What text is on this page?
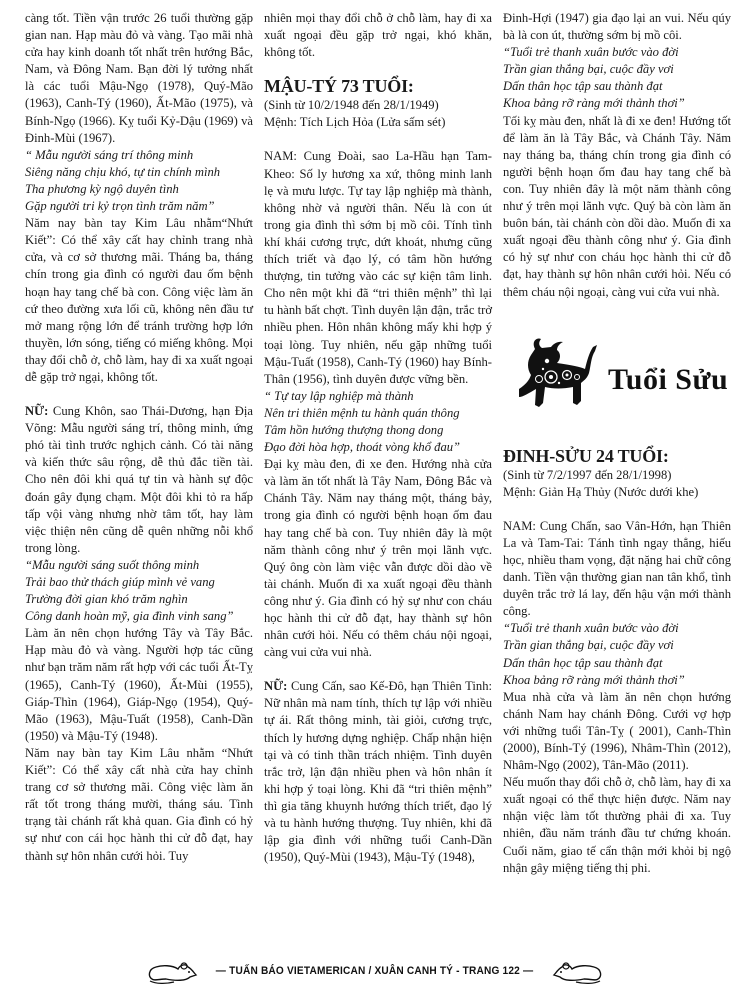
càng tốt. Tiền vận trước 26 tuổi thường gặp gian nan. Hạp màu đỏ và vàng. Tạo mãi nhà cửa hay kinh doanh tốt nhất trên hướng Bắc, Nam, và Đông Nam. Bạn đời lý tưởng nhất là các tuổi Mậu-Ngọ (1978), Quý-Mão (1963), Canh-Tý (1960), Ất-Mão (1975), và Bính-Ngọ (1966). Kỵ tuổi Kỷ-Dậu (1969) và Đinh-Mùi (1967).

“ Mẫu người sáng trí thông minh

Siêng năng chịu khó, tự tin chính mình

Tha phương kỳ ngộ duyên tình

Gặp người tri kỷ trọn tình trăm năm”

Năm nay bàn tay Kim Lâu nhằm“Nhứt Kiết”: Có thể xây cất hay chỉnh trang nhà cửa, và cơ sở thương mãi. Tháng ba, tháng chín trong gia đình có người đau ốm bệnh hoạn hay tang chế bà con. Công việc làm ăn cứ theo đường xưa lối cũ, không nên đầu tư mở mang rộng lớn để tránh trường hợp lớn thuyền, lớn sóng, tiếng có miếng không. Mọi thay đổi chỗ ở, chỗ làm, hay đi xa xuất ngoại dễ gặp trở ngại, không tốt.

NỮ: Cung Khôn, sao Thái-Dương, hạn Địa Võng: Mẫu người sáng trí, thông minh, ứng phó tài tình trước nghịch cảnh. Có tài năng và kiến thức sâu rộng, dễ thủ đắc tiền tài. Cho nên đôi khi quá tự tin và hành sự độc đoán gây đụng chạm. Một đôi khi tỏ ra hấp tấp vội vàng nhưng nhờ tâm tốt, hay làm việc thiện nên cũng dễ quên những nỗi khổ trong lòng.

“Mẫu người sáng suốt thông minh

Trải bao thử thách giúp mình vẻ vang

Trường đời gian khó trăm nghìn

Công danh hoàn mỹ, gia đình vinh sang”

Làm ăn nên chọn hướng Tây và Tây Bắc. Hạp màu đỏ và vàng. Người hợp tác cũng như bạn trăm năm rất hợp với các tuổi Ất-Tỵ (1965), Canh-Tý (1960), Ất-Mùi (1955), Giáp-Thìn (1964), Giáp-Ngọ (1954), Quý-Mão (1963), Mậu-Tuất (1958), Canh-Dần (1950) và Mậu-Tý (1948).

Năm nay bàn tay Kim Lâu nhằm “Nhứt Kiết”: Có thể xây cất nhà cửa hay chỉnh trang cơ sở thương mãi. Công việc làm ăn rất tốt trong tháng mười, tháng sáu. Tình trạng tài chánh rất khả quan. Gia đình có hỷ sự như con cái học hành thi cử đỗ đạt, hay thành sự hôn nhân cưới hỏi. Tuy

nhiên mọi thay đổi chỗ ở chỗ làm, hay đi xa xuất ngoại đều gặp trở ngại, khó khăn, không tốt.

MẬU-TÝ 73 TUỔI:

(Sinh từ 10/2/1948 đến 28/1/1949)

Mệnh: Tích Lịch Hỏa (Lửa sấm sét)

NAM: Cung Đoài, sao La-Hầu hạn Tam-Kheo: Số ly hương xa xứ, thông minh lanh lẹ và mưu lược. Tự tay lập nghiệp mà thành, không nhờ vả người thân. Nếu là con út trong gia đình thì sớm bị mồ côi. Tính tình khí khái cương trực, dứt khoát, nhưng cũng thích triết và đạo lý, có tâm hồn hướng thượng, tin tưởng vào các sự kiện tâm linh. Cho nên một khi đã “tri thiên mệnh” thì lại tu hành bất chợt. Tình duyên lận đận, trắc trở nhiều phen. Hôn nhân không mấy khi hợp ý toại lòng. Tuy nhiên, nếu gặp những tuổi Mậu-Tuất (1958), Canh-Tý (1960) hay Bính-Thân (1956), tình duyên được vững bền.

“ Tự tay lập nghiệp mà thành

Nên tri thiên mệnh tu hành quán thông

Tâm hồn hướng thượng thong dong

Đạo đời hòa hợp, thoát vòng khổ đau”

Đại kỵ màu đen, đi xe đen. Hướng nhà cửa và làm ăn tốt nhất là Tây Nam, Đông Bắc và Chánh Tây. Năm nay tháng một, tháng bảy, trong gia đình có người bệnh hoạn ốm đau hay tang chế bà con. Tuy nhiên đây là một năm thành công như ý trên mọi lãnh vực. Quý ông còn làm việc vẫn được dồi dào về tài chánh. Muốn đi xa xuất ngoại đều thành công như ý. Gia đình có hỷ sự như con cháu học hành thi cử đỗ đạt, hay thành sự hôn nhân cưới hỏi. Nếu có thêm cháu nội ngoại, càng vui cửa vui nhà.

NỮ: Cung Cấn, sao Kế-Đô, hạn Thiên Tinh: Nữ nhân mà nam tính, thích tự lập với nhiều tự ái. Rất thông minh, tài giỏi, cương trực, thích ly hương dựng nghiệp. Chấp nhận hiện tại và có tinh thần trách nhiệm. Tình duyên trắc trở, lận đận nhiều phen và hôn nhân ít khi hợp ý toại lòng. Khi đã “tri thiên mệnh” thì gia tăng khuynh hướng thích triết, đạo lý và tu hành hướng thượng. Tuy nhiên, khi đã lập gia đình với những tuổi Canh-Dần (1950), Quý-Mùi (1943), Mậu-Tý (1948),

Đinh-Hợi (1947) gia đạo lại an vui. Nếu qúy bà là con út, thường sớm bị mồ côi.

“Tuổi trẻ thanh xuân bước vào đời

Trần gian thắng bại, cuộc đầy vơi

Dấn thân học tập sau thành đạt

Khoa bảng rỡ ràng mới thảnh thơi”

Tối kỵ màu đen, nhất là đi xe đen! Hướng tốt để làm ăn là Tây Bắc, và Chánh Tây. Năm nay tháng ba, tháng chín trong gia đình có người bệnh hoạn ốm đau hay tang chế bà con. Tuy nhiên đây là một năm thành công như ý trên mọi lãnh vực. Quý bà còn làm ăn buôn bán, tài chánh còn dồi dào. Muốn đi xa xuất ngoại đều thành công như ý. Gia đình có hỷ sự như con cháu học hành thi cử đỗ đạt, hay thành sự hôn nhân cưới hỏi. Nếu có thêm cháu nội ngoại, càng vui cửa vui nhà.

Tuổi Sửu
ĐINH-SỬU 24 TUỔI:

(Sinh từ 7/2/1997 đến 28/1/1998)

Mệnh: Giản Hạ Thủy (Nước dưới khe)

NAM: Cung Chấn, sao Vân-Hớn, hạn Thiên La và Tam-Tai: Tánh tình ngay thẳng, hiếu học, nhiều tham vọng, đặt nặng hai chữ công danh. Tiền vận thường gian nan tân khổ, tình duyên trắc trở lá lay, đến hậu vận mới thành công.

“Tuổi trẻ thanh xuân bước vào đời

Trần gian thắng bại, cuộc đầy vơi

Dấn thân học tập sau thành đạt

Khoa bảng rỡ ràng mới thảnh thơi”

Mua nhà cửa và làm ăn nên chọn hướng chánh Nam hay chánh Đông. Cưới vợ hợp với những tuổi Tân-Tỵ ( 2001), Canh-Thìn (2000), Bính-Tý (1996), Nhâm-Thìn (2012), Nhâm-Ngọ (2002), Tân-Mão (2011).

Nếu muốn thay đổi chỗ ở, chỗ làm, hay đi xa xuất ngoại có thể thực hiện được. Năm nay nhận việc làm tốt thường phải đi xa. Tuy nhiên, đầu năm tránh đầu tư chứng khoán. Cuối năm, giao tế cẩn thận mới khỏi bị ngộ nhận gây miệng tiếng thị phi.

— TUẤN BÁO VIETAMERICAN / XUÂN CANH TÝ - TRANG 122 —
